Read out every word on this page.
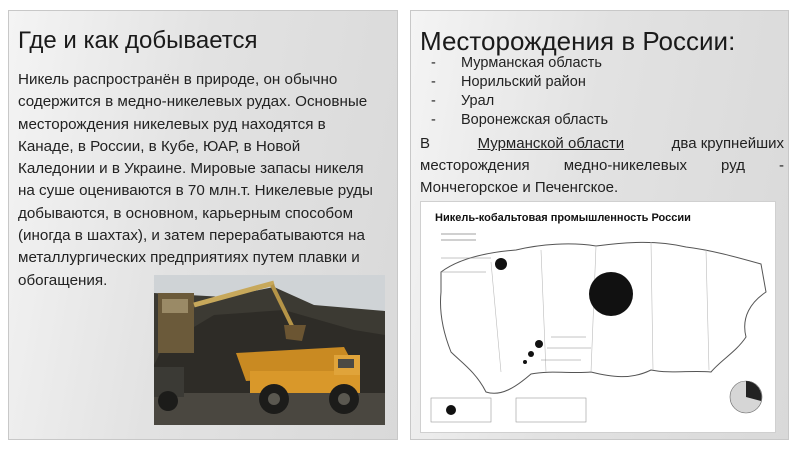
Где и как добывается
Никель распространён в природе, он обычно
содержится в медно-никелевых рудах. Основные
месторождения никелевых руд находятся в
Канаде, в России, в Кубе, ЮАР, в Новой
Каледонии и в Украине. Мировые запасы никеля
на суше оцениваются в 70 млн.т. Никелевые руды
добываются, в основном, карьерным способом
(иногда в шахтах), и затем перерабатываются на
металлургических предприятиях путем плавки и
обогащения.
Месторождения в России:
- Мурманская область
- Норильский район
- Урал
- Воронежская область
В	Мурманской области	два крупнейших
месторождения медно-никелевых руд -
Мончегорское и Печенгское.
Никель-кобальтовая промышленность России
